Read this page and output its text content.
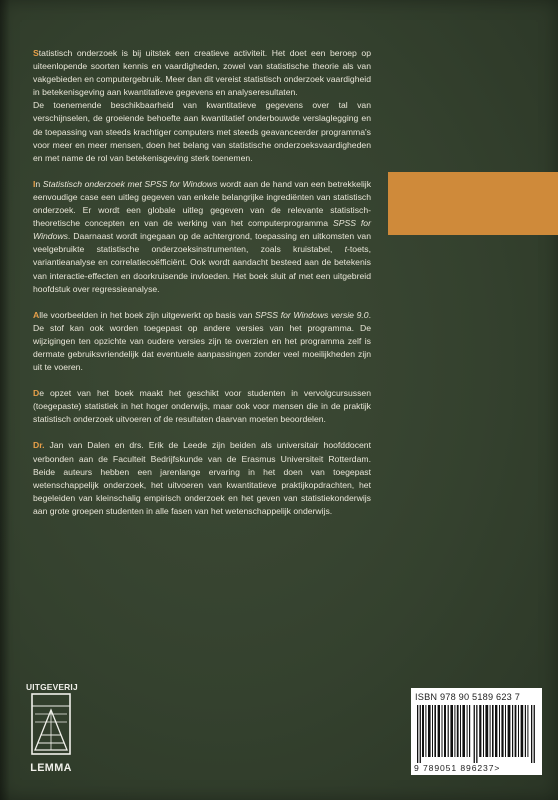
Statistisch onderzoek is bij uitstek een creatieve activiteit. Het doet een beroep op uiteenlopende soorten kennis en vaardigheden, zowel van statistische theorie als van vakgebieden en computergebruik. Meer dan dit vereist statistisch onderzoek vaardigheid in betekenisgeving aan kwantitatieve gegevens en analyseresultaten.

De toenemende beschikbaarheid van kwantitatieve gegevens over tal van verschijnselen, de groeiende behoefte aan kwantitatief onderbouwde verslaglegging en de toepassing van steeds krachtiger computers met steeds geavanceerder programma's voor meer en meer mensen, doen het belang van statistische onderzoeksvaardigheden en met name de rol van betekenisgeving sterk toenemen.

In Statistisch onderzoek met SPSS for Windows wordt aan de hand van een betrekkelijk eenvoudige case een uitleg gegeven van enkele belangrijke ingrediënten van statistisch onderzoek. Er wordt een globale uitleg gegeven van de relevante statistisch-theoretische concepten en van de werking van het computerprogramma SPSS for Windows. Daarnaast wordt ingegaan op de achtergrond, toepassing en uitkomsten van veelgebruikte statistische onderzoeksinstrumenten, zoals kruistabel, t-toets, variantieanalyse en correlatiecoëfficiënt. Ook wordt aandacht besteed aan de betekenis van interactie-effecten en doorkruisende invloeden. Het boek sluit af met een uitgebreid hoofdstuk over regressieanalyse.

Alle voorbeelden in het boek zijn uitgewerkt op basis van SPSS for Windows versie 9.0. De stof kan ook worden toegepast op andere versies van het programma. De wijzigingen ten opzichte van oudere versies zijn te overzien en het programma zelf is dermate gebruiksvriendelijk dat eventuele aanpassingen zonder veel moeilijkheden zijn uit te voeren.

De opzet van het boek maakt het geschikt voor studenten in vervolgcursussen (toegepaste) statistiek in het hoger onderwijs, maar ook voor mensen die in de praktijk statistisch onderzoek uitvoeren of de resultaten daarvan moeten beoordelen.

Dr. Jan van Dalen en drs. Erik de Leede zijn beiden als universitair hoofddocent verbonden aan de Faculteit Bedrijfskunde van de Erasmus Universiteit Rotterdam. Beide auteurs hebben een jarenlange ervaring in het doen van toegepast wetenschappelijk onderzoek, het uitvoeren van kwantitatieve praktijkopdrachten, het begeleiden van kleinschalig empirisch onderzoek en het geven van statistiekonderwijs aan grote groepen studenten in alle fasen van het wetenschappelijk onderwijs.

UITGEVERIJ
LEMMA
ISBN 978 90 5189 623 7
9 789051 896237>
